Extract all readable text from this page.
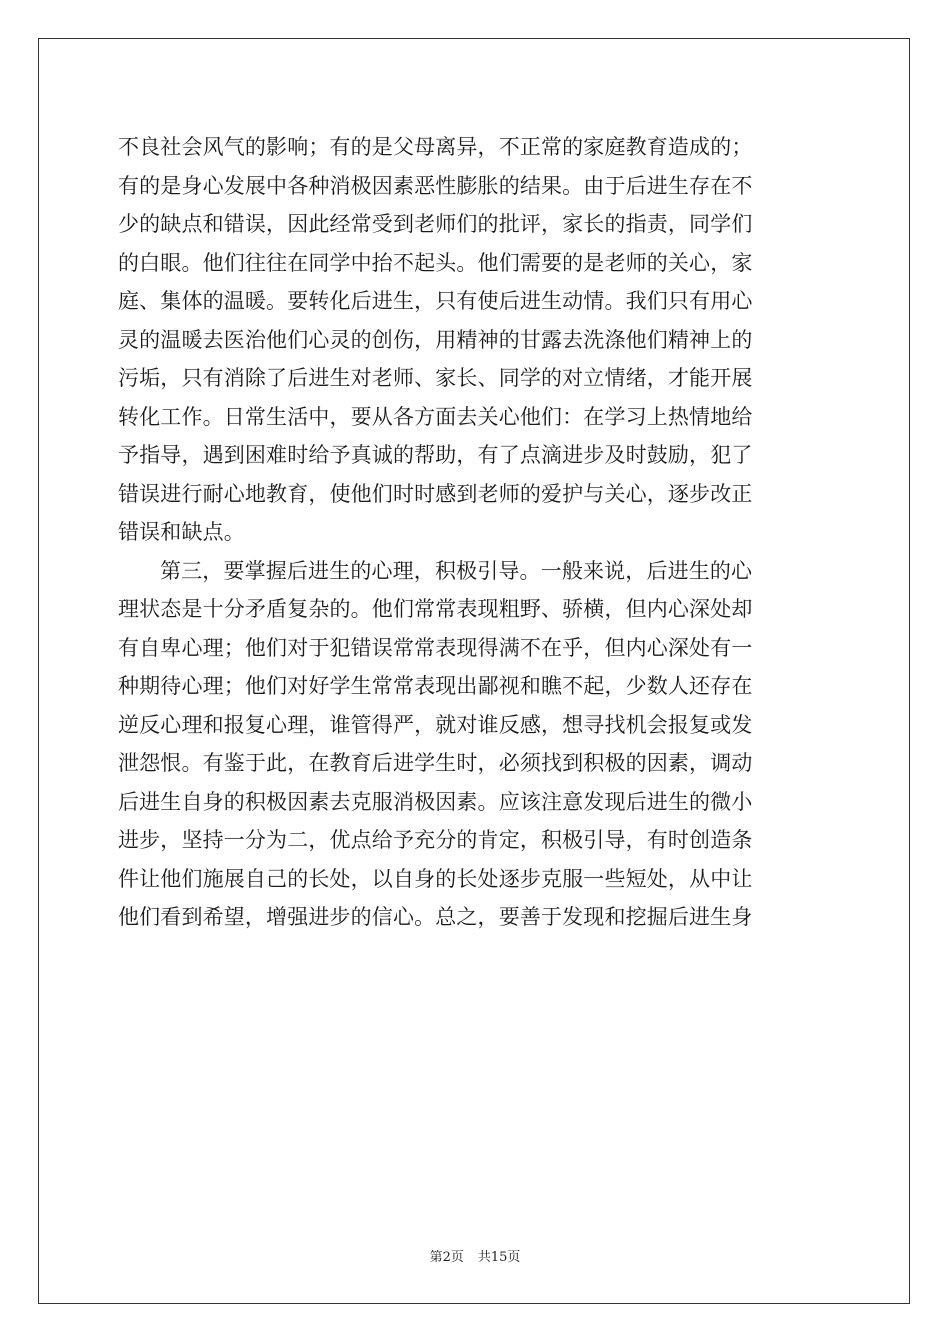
不良社会风气的影响；有的是父母离异，不正常的家庭教育造成的；
有的是身心发展中各种消极因素恶性膨胀的结果。由于后进生存在不
少的缺点和错误，因此经常受到老师们的批评，家长的指责，同学们
的白眼。他们往往在同学中抬不起头。他们需要的是老师的关心，家
庭、集体的温暖。要转化后进生，只有使后进生动情。我们只有用心
灵的温暖去医治他们心灵的创伤，用精神的甘露去洗涤他们精神上的
污垢，只有消除了后进生对老师、家长、同学的对立情绪，才能开展
转化工作。日常生活中，要从各方面去关心他们：在学习上热情地给
予指导，遇到困难时给予真诚的帮助，有了点滴进步及时鼓励，犯了
错误进行耐心地教育，使他们时时感到老师的爱护与关心，逐步改正
错误和缺点。
第三，要掌握后进生的心理，积极引导。一般来说，后进生的心
理状态是十分矛盾复杂的。他们常常表现粗野、骄横，但内心深处却
有自卑心理；他们对于犯错误常常表现得满不在乎，但内心深处有一
种期待心理；他们对好学生常常表现出鄙视和瞧不起，少数人还存在
逆反心理和报复心理，谁管得严，就对谁反感，想寻找机会报复或发
泄怨恨。有鉴于此，在教育后进学生时，必须找到积极的因素，调动
后进生自身的积极因素去克服消极因素。应该注意发现后进生的微小
进步，坚持一分为二，优点给予充分的肯定，积极引导，有时创造条
件让他们施展自己的长处，以自身的长处逐步克服一些短处，从中让
他们看到希望，增强进步的信心。总之，要善于发现和挖掘后进生身
第2页 共15页
